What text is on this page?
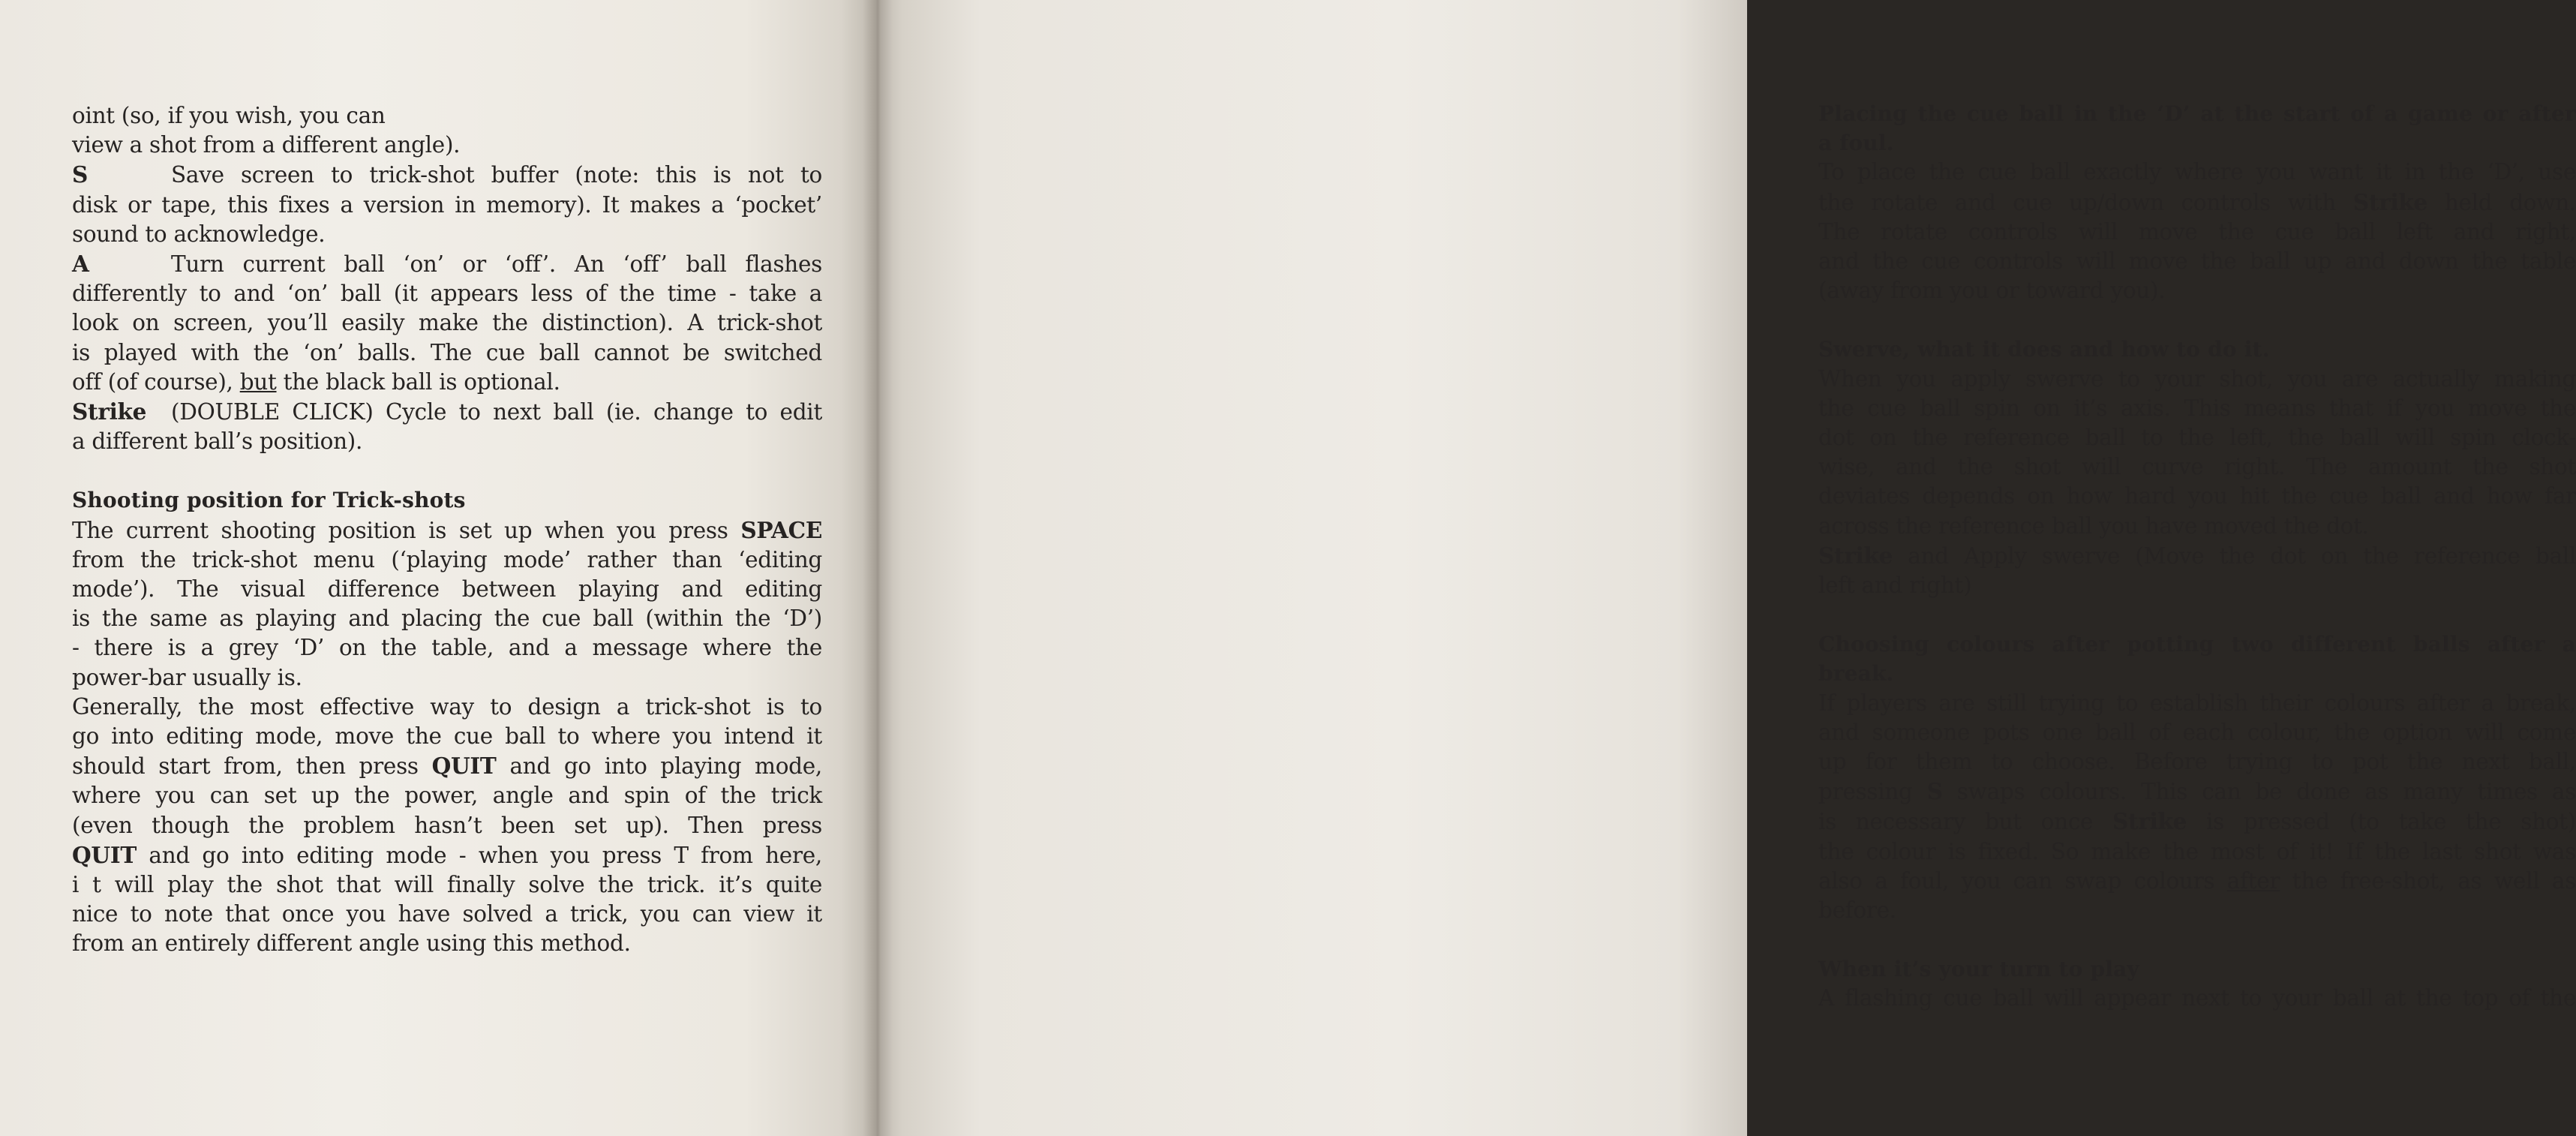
oint (so, if you wish, you can
view a shot from a different angle).
S	Save screen to trick-shot buffer (note: this is not to
disk or tape, this fixes a version in memory). It makes a ‘pocket’
sound to acknowledge.
A	Turn current ball ‘on’ or ‘off’. An ‘off’ ball flashes
differently to and ‘on’ ball (it appears less of the time - take a
look on screen, you’ll easily make the distinction). A trick-shot
is played with the ‘on’ balls. The cue ball cannot be switched
off (of course), but the black ball is optional.
Strike (DOUBLE CLICK) Cycle to next ball (ie. change to edit
a different ball’s position).
Shooting position for Trick-shots
The current shooting position is set up when you press SPACE
from the trick-shot menu (‘playing mode’ rather than ‘editing
mode’). The visual difference between playing and editing
is the same as playing and placing the cue ball (within the ‘D’)
- there is a grey ‘D’ on the table, and a message where the
power-bar usually is.
Generally, the most effective way to design a trick-shot is to
go into editing mode, move the cue ball to where you intend it
should start from, then press QUIT and go into playing mode,
where you can set up the power, angle and spin of the trick
(even though the problem hasn’t been set up). Then press
QUIT and go into editing mode - when you press T from here,
i t will play the shot that will finally solve the trick. it’s quite
nice to note that once you have solved a trick, you can view it
from an entirely different angle using this method.
Placing the cue ball in the ‘D’ at the start of a game or after
a foul.
To place the cue ball exactly where you want it in the ‘D’, use
the rotate and cue up/down controls with Strike held down.
The rotate controls will move the cue ball left and right,
and the cue controls will move the ball up and down the table
(away from you or toward you).
Swerve, what it does and how to do it.
When you apply swerve to your shot, you are actually making
the cue ball spin on it’s axis. This means that if you move the
dot on the reference ball to the left, the ball will spin clock-
wise, and the shot will curve right. The amount the shot
deviates depends on how hard you hit the cue ball and how far
across the reference ball you have moved the dot.
Strike and Apply swerve (Move the dot on the reference ball
left and right)
Choosing colours after potting two different balls after a
break.
If players are still trying to establish their colours after a break,
and someone pots one ball of each colour, the option will come
up for them to choose. Before trying to pot the next ball,
pressing S swaps colours. This can be done as many times as
is necessary but once Strike is pressed (to take the shot)
the colour is fixed. So make the most of it! If the last shot was
also a foul, you can swap colours after the free-shot, as well as
before.
When it’s your turn to play
A flashing cue ball will appear next to your ball at the top of the
